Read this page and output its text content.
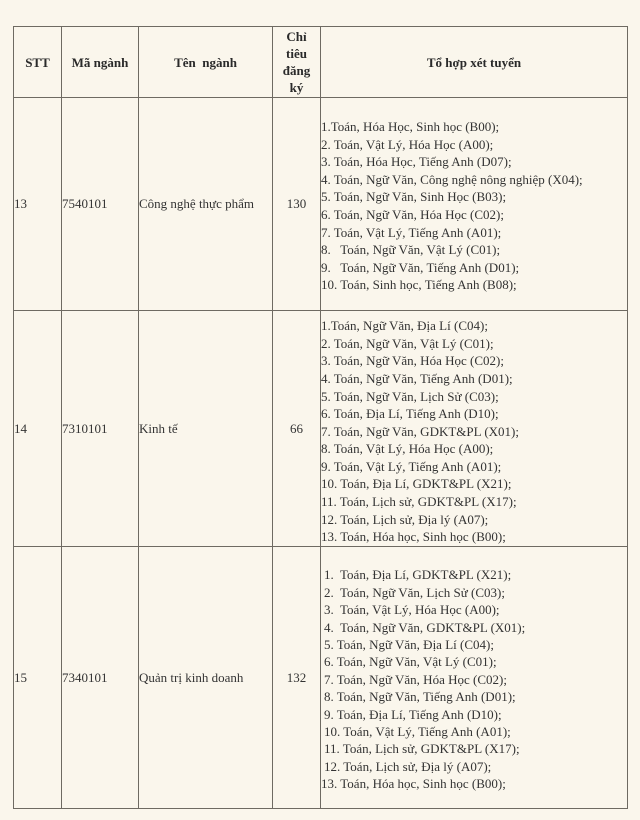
STT	Mã ngành	Tên  ngành	Chỉ
tiêu
đăng
ký	Tổ hợp xét tuyển
13	7540101	Công nghệ thực phẩm	130	
1.Toán, Hóa Học, Sinh học (B00);
2. Toán, Vật Lý, Hóa Học (A00);
3. Toán, Hóa Học, Tiếng Anh (D07);
4. Toán, Ngữ Văn, Công nghệ nông nghiệp (X04);
5. Toán, Ngữ Văn, Sinh Học (B03);
6. Toán, Ngữ Văn, Hóa Học (C02);
7. Toán, Vật Lý, Tiếng Anh (A01);
8.   Toán, Ngữ Văn, Vật Lý (C01);
9.   Toán, Ngữ Văn, Tiếng Anh (D01);
10. Toán, Sinh học, Tiếng Anh (B08);

14	7310101	Kinh tế	66	
1.Toán, Ngữ Văn, Địa Lí (C04);
2. Toán, Ngữ Văn, Vật Lý (C01);
3. Toán, Ngữ Văn, Hóa Học (C02);
4. Toán, Ngữ Văn, Tiếng Anh (D01);
5. Toán, Ngữ Văn, Lịch Sử (C03);
6. Toán, Địa Lí, Tiếng Anh (D10);
7. Toán, Ngữ Văn, GDKT&PL (X01);
8. Toán, Vật Lý, Hóa Học (A00);
9. Toán, Vật Lý, Tiếng Anh (A01);
10. Toán, Địa Lí, GDKT&PL (X21);
11. Toán, Lịch sử, GDKT&PL (X17);
12. Toán, Lịch sử, Địa lý (A07);
13. Toán, Hóa học, Sinh học (B00);

15	7340101	Quản trị kinh doanh	132	
1.  Toán, Địa Lí, GDKT&PL (X21);
2.  Toán, Ngữ Văn, Lịch Sử (C03);
3.  Toán, Vật Lý, Hóa Học (A00);
4.  Toán, Ngữ Văn, GDKT&PL (X01);
5. Toán, Ngữ Văn, Địa Lí (C04);
6. Toán, Ngữ Văn, Vật Lý (C01);
7. Toán, Ngữ Văn, Hóa Học (C02);
8. Toán, Ngữ Văn, Tiếng Anh (D01);
9. Toán, Địa Lí, Tiếng Anh (D10);
10. Toán, Vật Lý, Tiếng Anh (A01);
11. Toán, Lịch sử, GDKT&PL (X17);
12. Toán, Lịch sử, Địa lý (A07);
13. Toán, Hóa học, Sinh học (B00);
